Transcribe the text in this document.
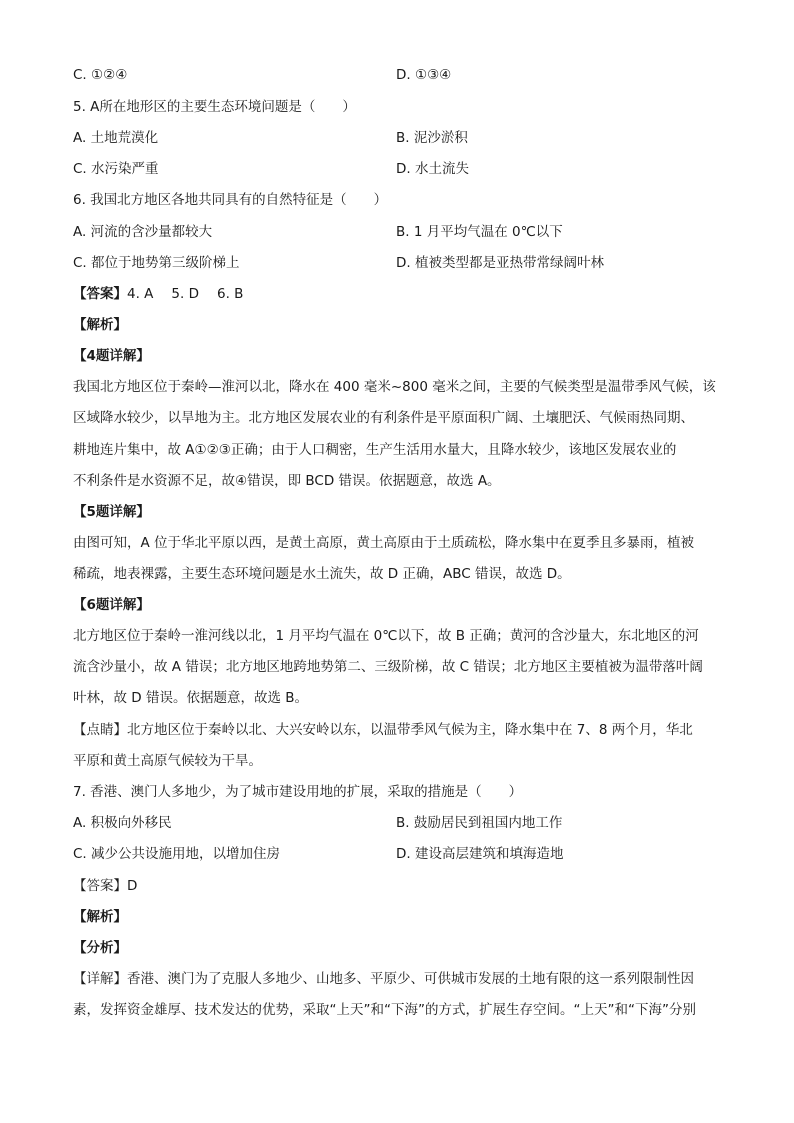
C. ①②④	D. ①③④
5. A所在地形区的主要生态环境问题是（　　）
A. 土地荒漠化	B. 泥沙淤积
C. 水污染严重	D. 水土流失
6. 我国北方地区各地共同具有的自然特征是（　　）
A. 河流的含沙量都较大	B. 1 月平均气温在 0℃以下
C. 都位于地势第三级阶梯上	D. 植被类型都是亚热带常绿阔叶林
【答案】4. A 5. D 6. B
【解析】
【4题详解】
我国北方地区位于秦岭—淮河以北，降水在 400 毫米~800 毫米之间，主要的气候类型是温带季风气候，该
区域降水较少，以旱地为主。北方地区发展农业的有利条件是平原面积广阔、土壤肥沃、气候雨热同期、
耕地连片集中，故 A①②③正确；由于人口稠密，生产生活用水量大，且降水较少，该地区发展农业的
不利条件是水资源不足，故④错误，即 BCD 错误。依据题意，故选 A。
【5题详解】
由图可知，A 位于华北平原以西，是黄土高原，黄土高原由于土质疏松，降水集中在夏季且多暴雨，植被
稀疏，地表裸露，主要生态环境问题是水土流失，故 D 正确，ABC 错误，故选 D。
【6题详解】
北方地区位于秦岭一淮河线以北，1 月平均气温在 0℃以下，故 B 正确；黄河的含沙量大，东北地区的河
流含沙量小，故 A 错误；北方地区地跨地势第二、三级阶梯，故 C 错误；北方地区主要植被为温带落叶阔
叶林，故 D 错误。依据题意，故选 B。
【点睛】北方地区位于秦岭以北、大兴安岭以东，以温带季风气候为主，降水集中在 7、8 两个月，华北
平原和黄土高原气候较为干旱。
7. 香港、澳门人多地少，为了城市建设用地的扩展，采取的措施是（　　）
A. 积极向外移民	B. 鼓励居民到祖国内地工作
C. 减少公共设施用地，以增加住房	D. 建设高层建筑和填海造地
【答案】D
【解析】
【分析】
【详解】香港、澳门为了克服人多地少、山地多、平原少、可供城市发展的土地有限的这一系列限制性因
素，发挥资金雄厚、技术发达的优势，采取“上天”和“下海”的方式，扩展生存空间。“上天”和“下海”分别
